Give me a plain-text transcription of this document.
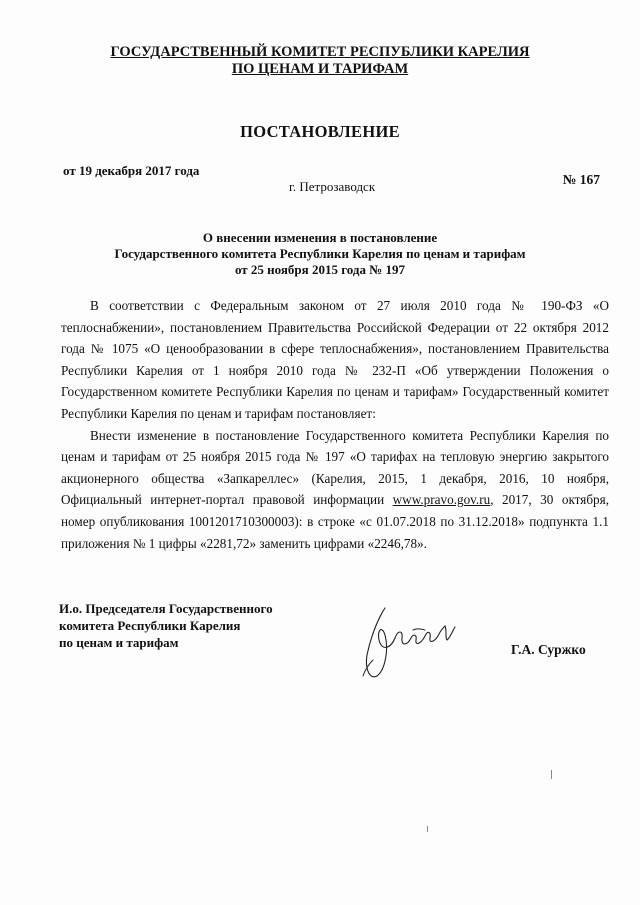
ГОСУДАРСТВЕННЫЙ КОМИТЕТ РЕСПУБЛИКИ КАРЕЛИЯ
ПО ЦЕНАМ И ТАРИФАМ
ПОСТАНОВЛЕНИЕ
от 19 декабря 2017 года
г. Петрозаводск	№ 167
О внесении изменения в постановление
Государственного комитета Республики Карелия по ценам и тарифам
от 25 ноября 2015 года № 197

В соответствии с Федеральным законом от 27 июля 2010 года № 190-ФЗ «О теплоснабжении», постановлением Правительства Российской Федерации от 22 октября 2012 года № 1075 «О ценообразовании в сфере теплоснабжения», постановлением Правительства Республики Карелия от 1 ноября 2010 года № 232-П «Об утверждении Положения о Государственном комитете Республики Карелия по ценам и тарифам» Государственный комитет Республики Карелия по ценам и тарифам постановляет:

Внести изменение в постановление Государственного комитета Республики Карелия по ценам и тарифам от 25 ноября 2015 года № 197 «О тарифах на тепловую энергию закрытого акционерного общества «Запкареллес» (Карелия, 2015, 1 декабря, 2016, 10 ноября, Официальный интернет-портал правовой информации www.pravo.gov.ru, 2017, 30 октября, номер опубликования 1001201710300003): в строке «с 01.07.2018 по 31.12.2018» подпункта 1.1 приложения № 1 цифры «2281,72» заменить цифрами «2246,78».

И.о. Председателя Государственного
комитета Республики Карелия
по ценам и тарифам	Г.А. Суржко
